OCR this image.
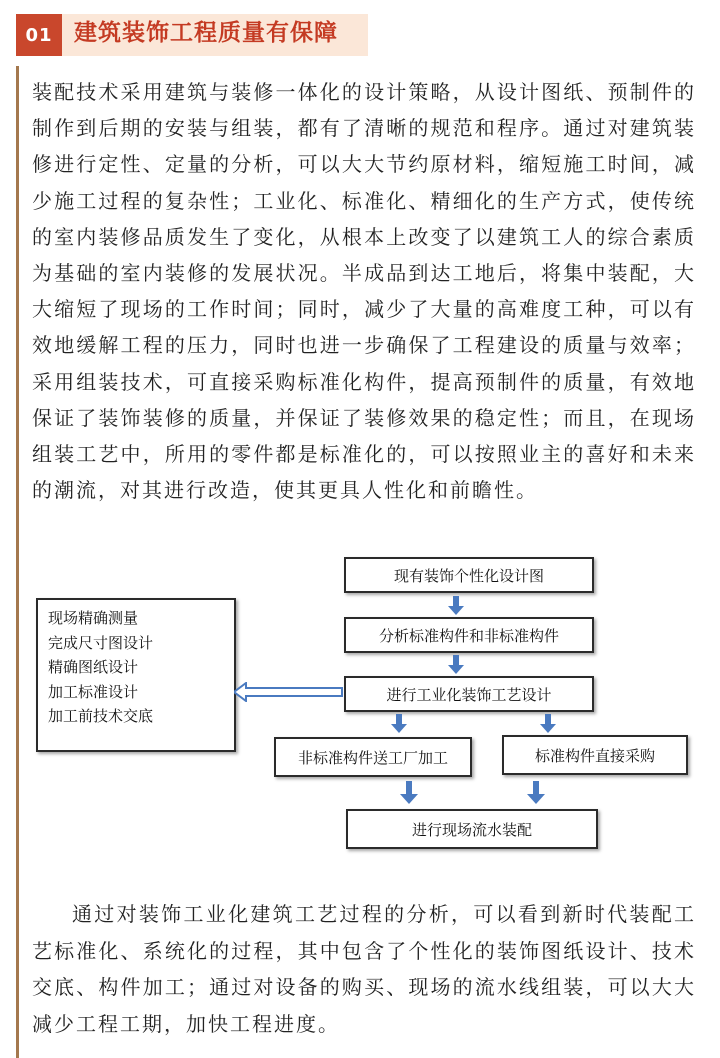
01 建筑装饰工程质量有保障

装配技术采用建筑与装修一体化的设计策略，从设计图纸、预制件的制作到后期的安装与组装，都有了清晰的规范和程序。通过对建筑装修进行定性、定量的分析，可以大大节约原材料，缩短施工时间，减少施工过程的复杂性；工业化、标准化、精细化的生产方式，使传统的室内装修品质发生了变化，从根本上改变了以建筑工人的综合素质为基础的室内装修的发展状况。半成品到达工地后，将集中装配，大大缩短了现场的工作时间；同时，减少了大量的高难度工种，可以有效地缓解工程的压力，同时也进一步确保了工程建设的质量与效率；采用组装技术，可直接采购标准化构件，提高预制件的质量，有效地保证了装饰装修的质量，并保证了装修效果的稳定性；而且，在现场组装工艺中，所用的零件都是标准化的，可以按照业主的喜好和未来的潮流，对其进行改造，使其更具人性化和前瞻性。

现有装饰个性化设计图
分析标准构件和非标准构件
进行工业化装饰工艺设计
非标准构件送工厂加工	标准构件直接采购
进行现场流水装配
现场精确测量
完成尺寸图设计
精确图纸设计
加工标准设计
加工前技术交底

通过对装饰工业化建筑工艺过程的分析，可以看到新时代装配工艺标准化、系统化的过程，其中包含了个性化的装饰图纸设计、技术交底、构件加工；通过对设备的购买、现场的流水线组装，可以大大减少工程工期，加快工程进度。
